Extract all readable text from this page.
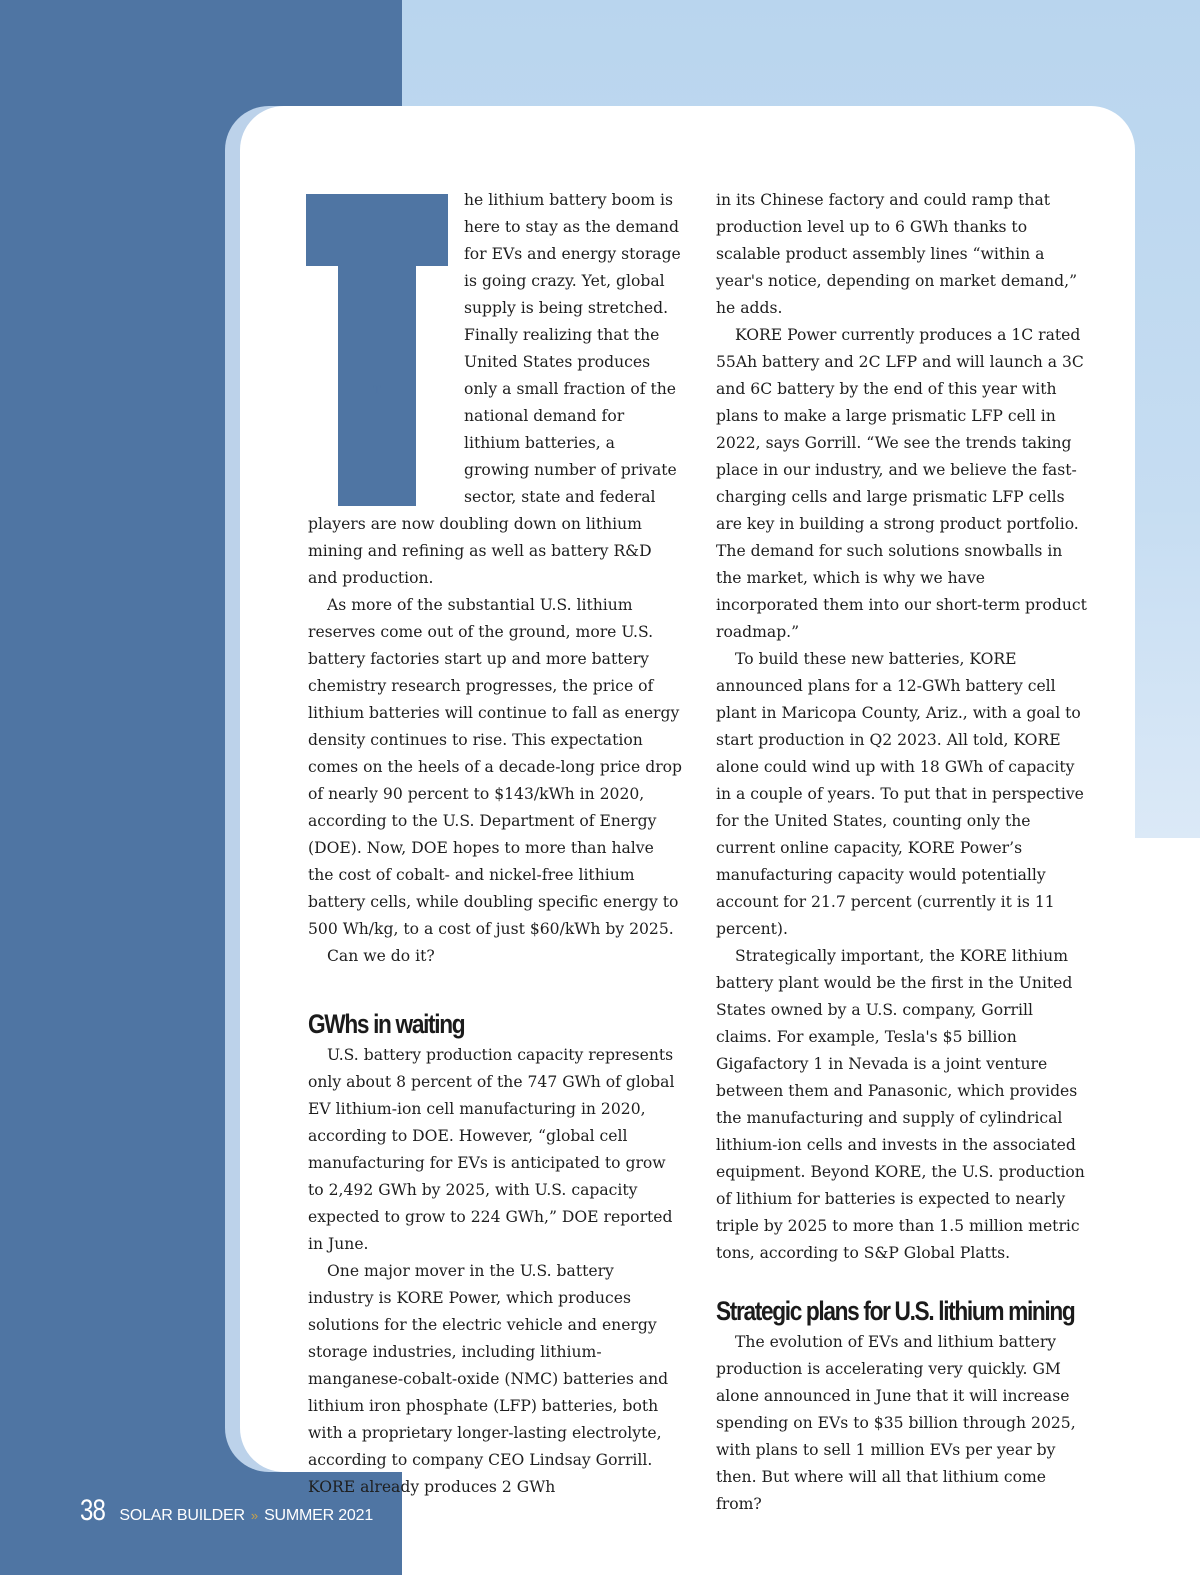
T

he lithium battery boom is here to stay as the demand for EVs and energy storage is going crazy. Yet, global supply is being stretched. Finally realizing that the United States produces only a small fraction of the national demand for lithium batteries, a growing number of private sector, state and federal players are now doubling down on lithium mining and refining as well as battery R&D and production.

As more of the substantial U.S. lithium reserves come out of the ground, more U.S. battery factories start up and more battery chemistry research progresses, the price of lithium batteries will continue to fall as energy density continues to rise. This expectation comes on the heels of a decade-long price drop of nearly 90 percent to $143/kWh in 2020, according to the U.S. Department of Energy (DOE). Now, DOE hopes to more than halve the cost of cobalt- and nickel-free lithium battery cells, while doubling specific energy to 500 Wh/kg, to a cost of just $60/kWh by 2025.

Can we do it?

GWhs in waiting

U.S. battery production capacity represents only about 8 percent of the 747 GWh of global EV lithium-ion cell manufacturing in 2020, according to DOE. However, “global cell manufacturing for EVs is anticipated to grow to 2,492 GWh by 2025, with U.S. capacity expected to grow to 224 GWh,” DOE reported in June.

One major mover in the U.S. battery industry is KORE Power, which produces solutions for the electric vehicle and energy storage industries, including lithium-manganese-cobalt-oxide (NMC) batteries and lithium iron phosphate (LFP) batteries, both with a proprietary longer-lasting electrolyte, according to company CEO Lindsay Gorrill. KORE already produces 2 GWh

in its Chinese factory and could ramp that production level up to 6 GWh thanks to scalable product assembly lines “within a year's notice, depending on market demand,” he adds.

KORE Power currently produces a 1C rated 55Ah battery and 2C LFP and will launch a 3C and 6C battery by the end of this year with plans to make a large prismatic LFP cell in 2022, says Gorrill. “We see the trends taking place in our industry, and we believe the fast-charging cells and large prismatic LFP cells are key in building a strong product portfolio. The demand for such solutions snowballs in the market, which is why we have incorporated them into our short-term product roadmap.”

To build these new batteries, KORE announced plans for a 12-GWh battery cell plant in Maricopa County, Ariz., with a goal to start production in Q2 2023. All told, KORE alone could wind up with 18 GWh of capacity in a couple of years. To put that in perspective for the United States, counting only the current online capacity, KORE Power’s manufacturing capacity would potentially account for 21.7 percent (currently it is 11 percent).

Strategically important, the KORE lithium battery plant would be the first in the United States owned by a U.S. company, Gorrill claims. For example, Tesla's $5 billion Gigafactory 1 in Nevada is a joint venture between them and Panasonic, which provides the manufacturing and supply of cylindrical lithium-ion cells and invests in the associated equipment. Beyond KORE, the U.S. production of lithium for batteries is expected to nearly triple by 2025 to more than 1.5 million metric tons, according to S&P Global Platts.

Strategic plans for U.S. lithium mining

The evolution of EVs and lithium battery production is accelerating very quickly. GM alone announced in June that it will increase spending on EVs to $35 billion through 2025, with plans to sell 1 million EVs per year by then. But where will all that lithium come from?

38 SOLAR BUILDER » SUMMER 2021
